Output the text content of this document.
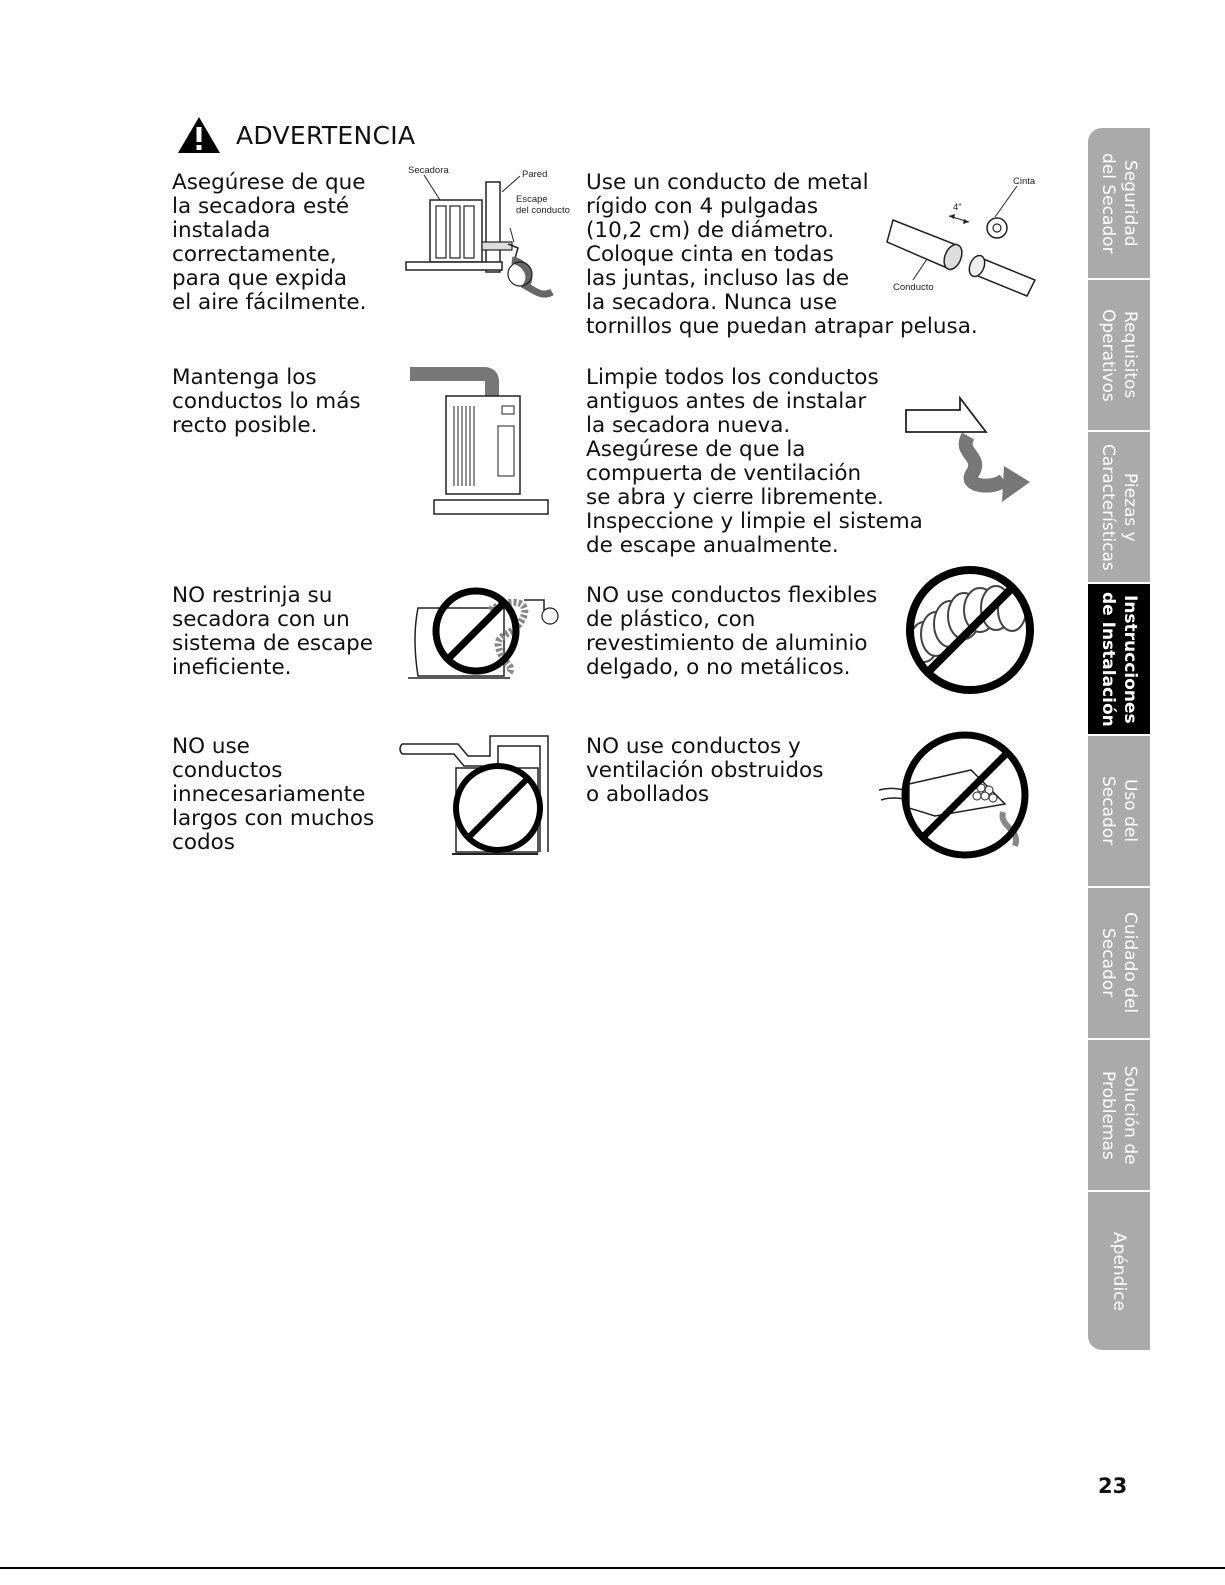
ADVERTENCIA
Asegúrese de que
la secadora esté
instalada
correctamente,
para que expida
el aire fácilmente.
Use un conducto de metal
rígido con 4 pulgadas
(10,2 cm) de diámetro.
Coloque cinta en todas
las juntas, incluso las de
la secadora. Nunca use
tornillos que puedan atrapar pelusa.
Mantenga los
conductos lo más
recto posible.
Limpie todos los conductos
antiguos antes de instalar
la secadora nueva.
Asegúrese de que la
compuerta de ventilación
se abra y cierre libremente.
Inspeccione y limpie el sistema
de escape anualmente.
NO restrinja su
secadora con un
sistema de escape
ineficiente.
NO use conductos flexibles
de plástico, con
revestimiento de aluminio
delgado, o no metálicos.
NO use
conductos
innecesariamente
largos con muchos
codos
NO use conductos y
ventilación obstruidos
o abollados
Secadora	Pared
Escape
del conducto
Cinta
4"
Conducto
Seguridad
del Secador
Requisitos
Operativos
Piezas y
Características
Instrucciones
de Instalación
Uso del
Secador
Cuidado del
Secador
Solución de
Problemas
Apéndice
23
